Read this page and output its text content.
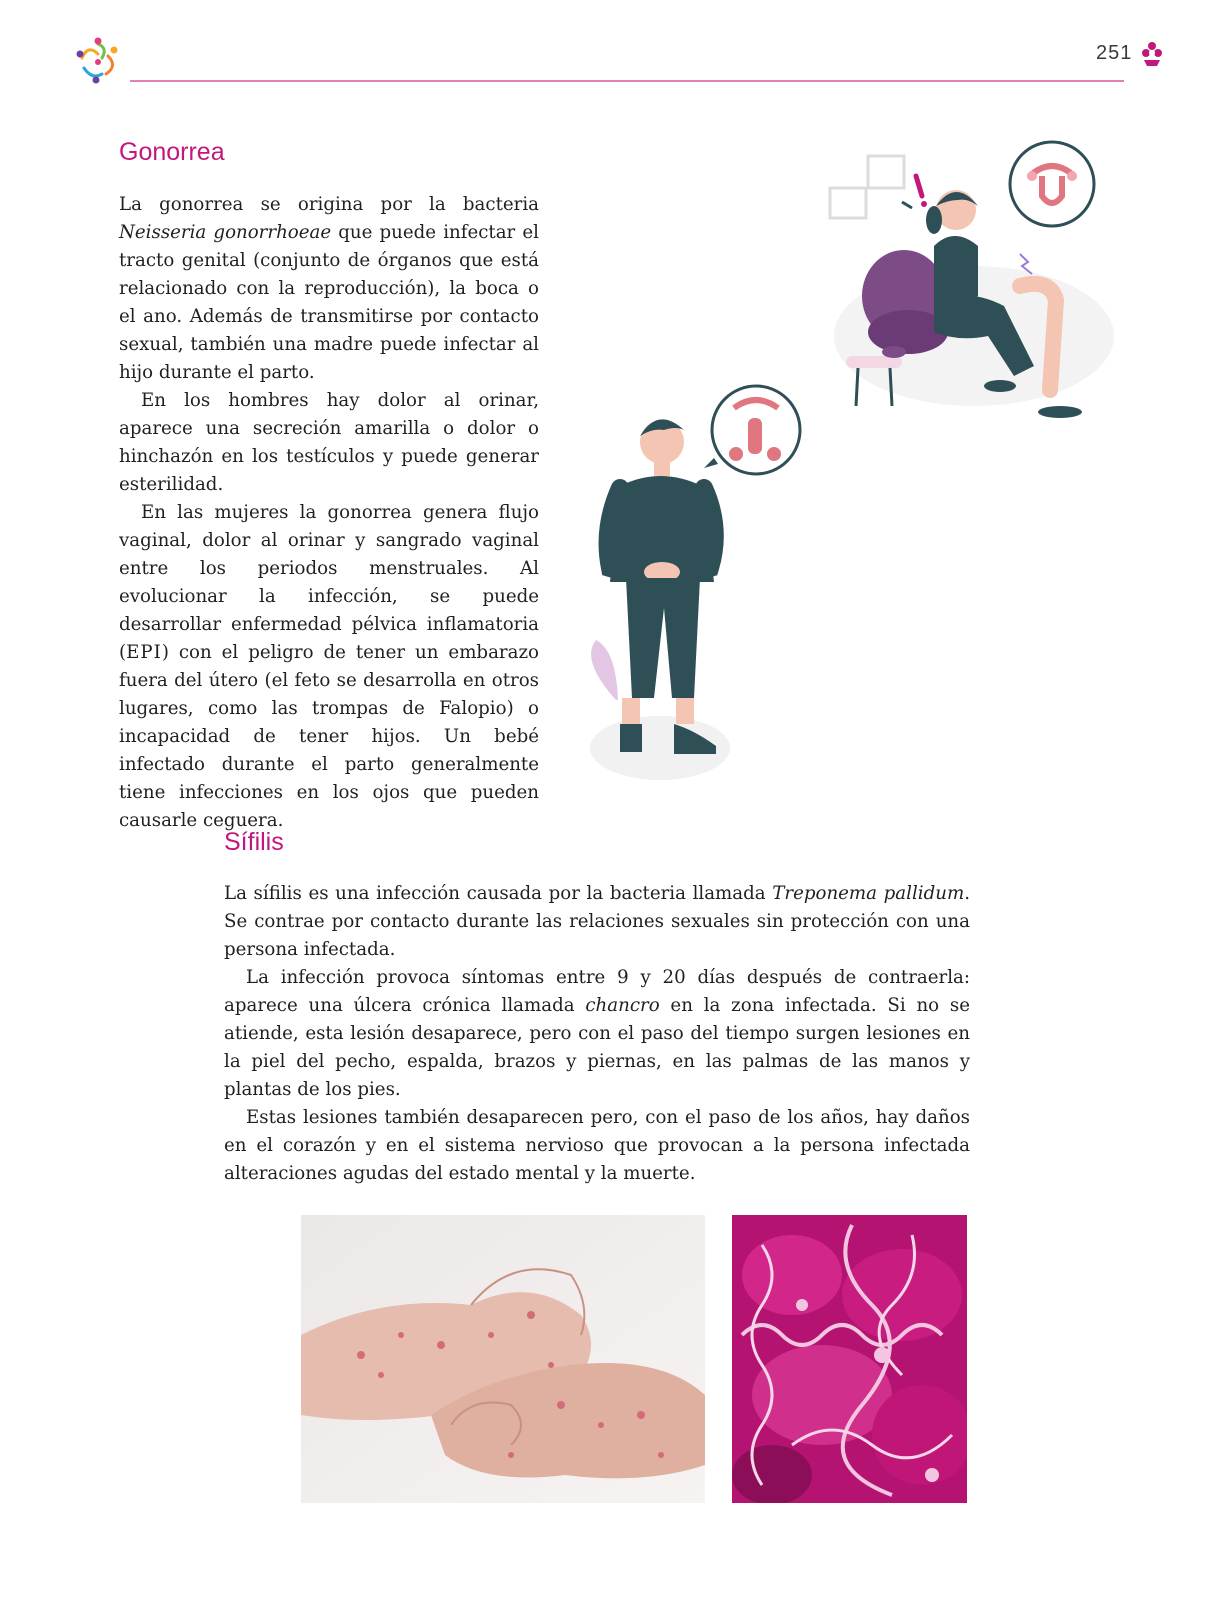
251
Gonorrea

La gonorrea se origina por la bacteria Neisseria gonorrhoeae que puede infectar el tracto genital (conjunto de órganos que está relacionado con la reproducción), la boca o el ano. Además de transmitirse por contacto sexual, también una madre puede infectar al hijo durante el parto.

En los hombres hay dolor al orinar, aparece una secreción amarilla o dolor o hinchazón en los testículos y puede generar esterilidad.

En las mujeres la gonorrea genera flujo vaginal, dolor al orinar y sangrado vaginal entre los periodos menstruales. Al evolucionar la infección, se puede desarrollar enfermedad pélvica inflamatoria (EPI) con el peligro de tener un embarazo fuera del útero (el feto se desarrolla en otros lugares, como las trompas de Falopio) o incapacidad de tener hijos. Un bebé infectado durante el parto generalmente tiene infecciones en los ojos que pueden causarle ceguera.

Sífilis

La sífilis es una infección causada por la bacteria llamada Treponema pallidum. Se contrae por contacto durante las relaciones sexuales sin protección con una persona infectada.

La infección provoca síntomas entre 9 y 20 días después de contraerla: aparece una úlcera crónica llamada chancro en la zona infectada. Si no se atiende, esta lesión desaparece, pero con el paso del tiempo surgen lesiones en la piel del pecho, espalda, brazos y piernas, en las palmas de las manos y plantas de los pies.

Estas lesiones también desaparecen pero, con el paso de los años, hay daños en el corazón y en el sistema nervioso que provocan a la persona infectada alteraciones agudas del estado mental y la muerte.
